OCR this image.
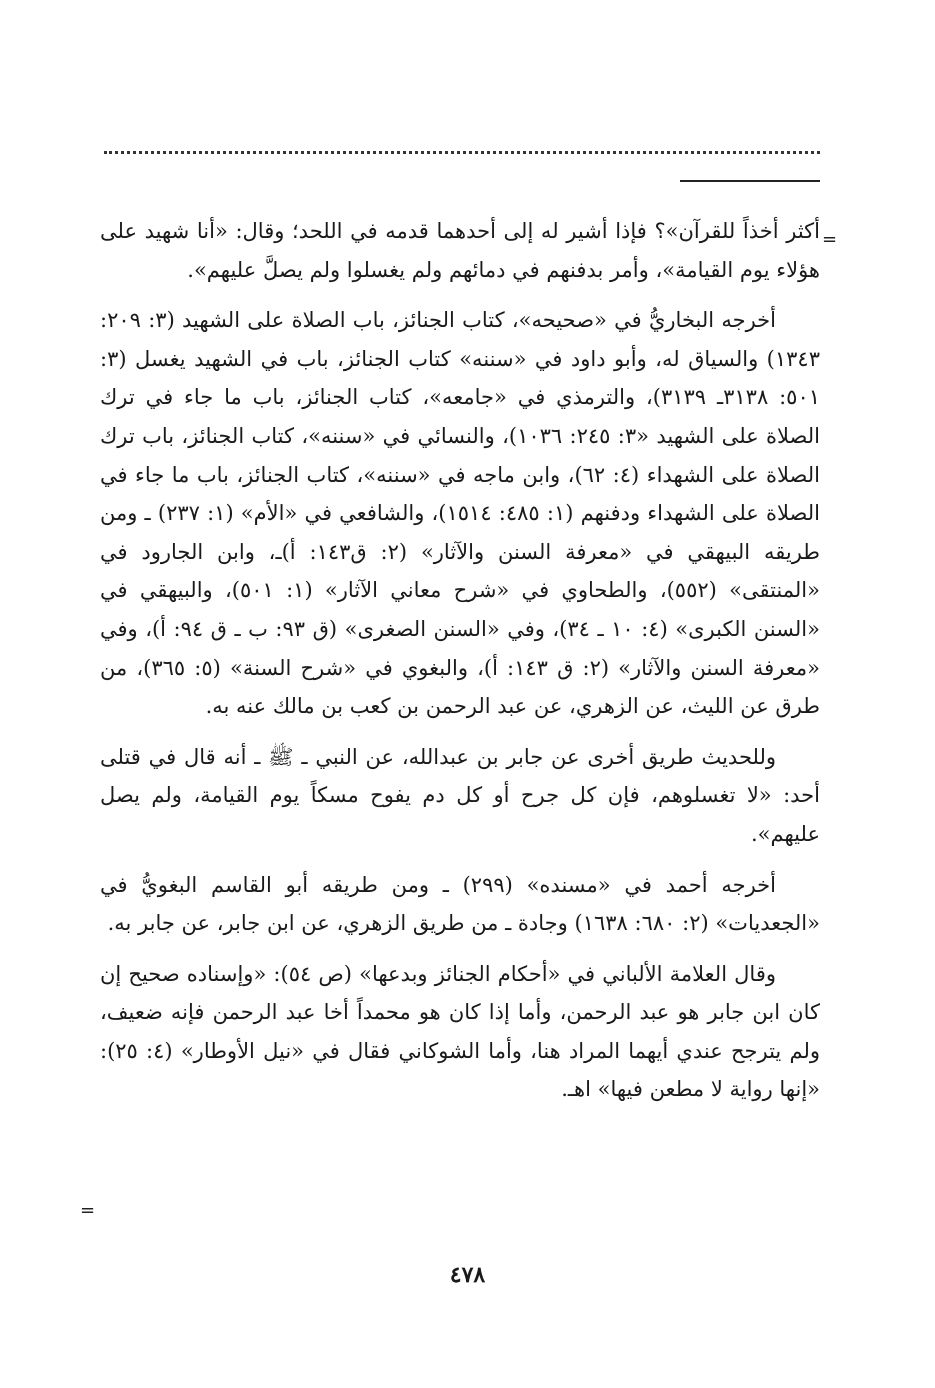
=

أكثر أخذاً للقرآن»؟ فإذا أشير له إلى أحدهما قدمه في اللحد؛ وقال: «أنا شهيد على هؤلاء يوم القيامة»، وأمر بدفنهم في دمائهم ولم يغسلوا ولم يصلَّ عليهم».

أخرجه البخاريُّ في «صحيحه»، كتاب الجنائز، باب الصلاة على الشهيد (٣: ٢٠٩: ١٣٤٣) والسياق له، وأبو داود في «سننه» كتاب الجنائز، باب في الشهيد يغسل (٣: ٥٠١: ٣١٣٨ـ ٣١٣٩)، والترمذي في «جامعه»، كتاب الجنائز، باب ما جاء في ترك الصلاة على الشهيد «٣: ٢٤٥: ١٠٣٦)، والنسائي في «سننه»، كتاب الجنائز، باب ترك الصلاة على الشهداء (٤: ٦٢)، وابن ماجه في «سننه»، كتاب الجنائز، باب ما جاء في الصلاة على الشهداء ودفنهم (١: ٤٨٥: ١٥١٤)، والشافعي في «الأم» (١: ٢٣٧) ـ ومن طريقه البيهقي في «معرفة السنن والآثار» (٢: ق١٤٣: أ)ـ، وابن الجارود في «المنتقى» (٥٥٢)، والطحاوي في «شرح معاني الآثار» (١: ٥٠١)، والبيهقي في «السنن الكبرى» (٤: ١٠ ـ ٣٤)، وفي «السنن الصغرى» (ق ٩٣: ب ـ ق ٩٤: أ)، وفي «معرفة السنن والآثار» (٢: ق ١٤٣: أ)، والبغوي في «شرح السنة» (٥: ٣٦٥)، من طرق عن الليث، عن الزهري، عن عبد الرحمن بن كعب بن مالك عنه به.

وللحديث طريق أخرى عن جابر بن عبدالله، عن النبي ـ ﷺ ـ أنه قال في قتلى أحد: «لا تغسلوهم، فإن كل جرح أو كل دم يفوح مسكاً يوم القيامة، ولم يصل عليهم».

أخرجه أحمد في «مسنده» (٢٩٩) ـ ومن طريقه أبو القاسم البغويُّ في «الجعديات» (٢: ٦٨٠: ١٦٣٨) وجادة ـ من طريق الزهري، عن ابن جابر، عن جابر به.

وقال العلامة الألباني في «أحكام الجنائز وبدعها» (ص ٥٤): «وإسناده صحيح إن كان ابن جابر هو عبد الرحمن، وأما إذا كان هو محمداً أخا عبد الرحمن فإنه ضعيف، ولم يترجح عندي أيهما المراد هنا، وأما الشوكاني فقال في «نيل الأوطار» (٤: ٢٥): «إنها رواية لا مطعن فيها» اهـ.

=
٤٧٨
